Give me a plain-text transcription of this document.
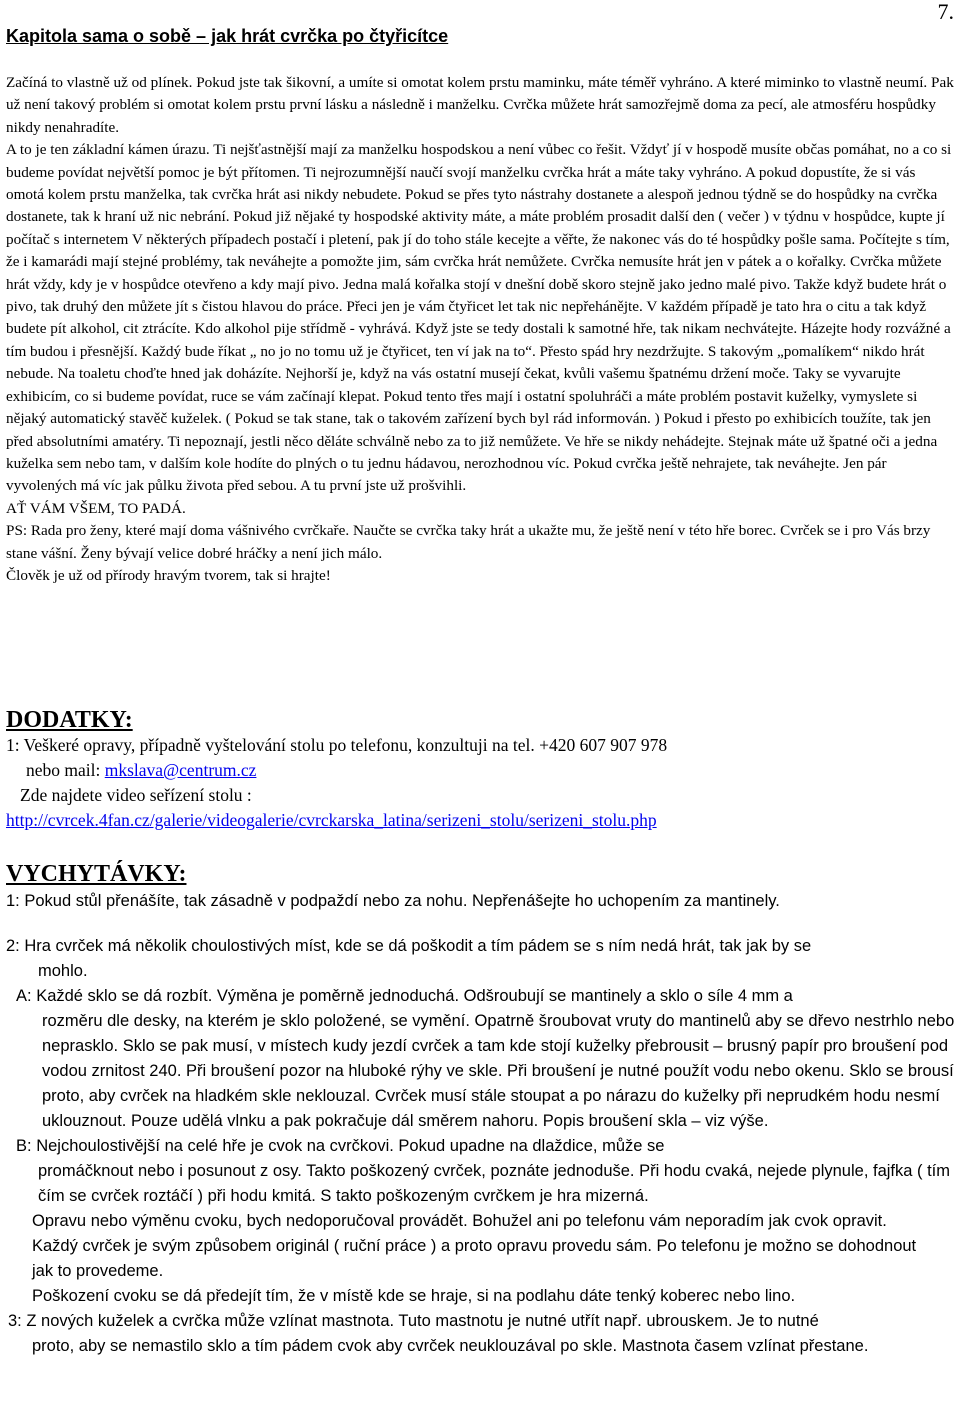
7.
Kapitola sama o sobě – jak hrát cvrčka po čtyřicítce

Začíná to vlastně už od plínek. Pokud jste tak šikovní, a umíte si omotat kolem prstu maminku, máte téměř vyhráno. A které miminko to vlastně neumí. Pak už není takový problém si omotat kolem prstu první lásku a následně i manželku. Cvrčka můžete hrát samozřejmě doma za pecí, ale atmosféru hospůdky nikdy nenahradíte.

A to je ten základní kámen úrazu. Ti nejšťastnější mají za manželku hospodskou a není vůbec co řešit. Vždyť jí v hospodě musíte občas pomáhat, no a co si budeme povídat největší pomoc je být přítomen. Ti nejrozumnější naučí svojí manželku cvrčka hrát a máte taky vyhráno. A pokud dopustíte, že si vás omotá kolem prstu manželka, tak cvrčka hrát asi nikdy nebudete. Pokud se přes tyto nástrahy dostanete a alespoň jednou týdně se do hospůdky na cvrčka dostanete, tak k hraní už nic nebrání. Pokud již nějaké ty hospodské aktivity máte, a máte problém prosadit další den ( večer ) v týdnu v hospůdce, kupte jí počítač s internetem V některých případech postačí i pletení, pak jí do toho stále kecejte a věřte, že nakonec vás do té hospůdky pošle sama. Počítejte s tím, že i kamarádi mají stejné problémy, tak neváhejte a pomožte jim, sám cvrčka hrát nemůžete. Cvrčka nemusíte hrát jen v pátek a o kořalky. Cvrčka můžete hrát vždy, kdy je v hospůdce otevřeno a kdy mají pivo. Jedna malá kořalka stojí v dnešní době skoro stejně jako jedno malé pivo. Takže když budete hrát o pivo, tak druhý den můžete jít s čistou hlavou do práce. Přeci jen je vám čtyřicet let tak nic nepřehánějte. V každém případě je tato hra o citu a tak když budete pít alkohol, cit ztrácíte. Kdo alkohol pije střídmě - vyhrává. Když jste se tedy dostali k samotné hře, tak nikam nechvátejte. Házejte hody rozvážné a tím budou i přesnější. Každý bude říkat „ no jo no tomu už je čtyřicet, ten ví jak na to“. Přesto spád hry nezdržujte. S takovým „pomalíkem“ nikdo hrát nebude. Na toaletu choďte hned jak doházíte. Nejhorší je, když na vás ostatní musejí čekat, kvůli vašemu špatnému držení moče. Taky se vyvarujte exhibicím, co si budeme povídat, ruce se vám začínají klepat. Pokud tento třes mají i ostatní spoluhráči a máte problém postavit kuželky, vymyslete si nějaký automatický stavěč kuželek. ( Pokud se tak stane, tak o takovém zařízení bych byl rád informován. ) Pokud i přesto po exhibicích toužíte, tak jen před absolutními amatéry. Ti nepoznají, jestli něco děláte schválně nebo za to již nemůžete. Ve hře se nikdy nehádejte. Stejnak máte už špatné oči a jedna kuželka sem nebo tam, v dalším kole hodíte do plných o tu jednu hádavou, nerozhodnou víc. Pokud cvrčka ještě nehrajete, tak neváhejte. Jen pár vyvolených má víc jak půlku života před sebou. A tu první jste už prošvihli.

AŤ VÁM VŠEM, TO PADÁ.

PS: Rada pro ženy, které mají doma vášnivého cvrčkaře. Naučte se cvrčka taky hrát a ukažte mu, že ještě není v této hře borec. Cvrček se i pro Vás brzy stane vášní. Ženy bývají velice dobré hráčky a není jich málo.

Člověk je už od přírody hravým tvorem, tak si hrajte!

DODATKY:
1: Veškeré opravy, případně vyštelování stolu po telefonu, konzultuji na tel. +420 607 907 978
nebo mail: mkslava@centrum.cz
Zde najdete video seřízení stolu :
http://cvrcek.4fan.cz/galerie/videogalerie/cvrckarska_latina/serizeni_stolu/serizeni_stolu.php
VYCHYTÁVKY:
1: Pokud stůl přenášíte, tak zásadně v podpaždí nebo za nohu. Nepřenášejte ho uchopením za mantinely.
2: Hra cvrček má několik choulostivých míst, kde se dá poškodit a tím pádem se s ním nedá hrát, tak jak by se
mohlo.
A: Každé sklo se dá rozbít. Výměna je poměrně jednoduchá. Odšroubují se mantinely a sklo o síle 4 mm a
rozměru dle desky, na kterém je sklo položené, se vymění. Opatrně šroubovat vruty do mantinelů aby se dřevo nestrhlo nebo neprasklo. Sklo se pak musí, v místech kudy jezdí cvrček a tam kde stojí kuželky přebrousit – brusný papír pro broušení pod vodou zrnitost 240. Při broušení pozor na hluboké rýhy ve skle. Při broušení je nutné použít vodu nebo okenu. Sklo se brousí proto, aby cvrček na hladkém skle neklouzal. Cvrček musí stále stoupat a po nárazu do kuželky při neprudkém hodu nesmí uklouznout. Pouze udělá vlnku a pak pokračuje dál směrem nahoru. Popis broušení skla – viz výše.
B: Nejchoulostivější na celé hře je cvok na cvrčkovi. Pokud upadne na dlaždice, může se
promáčknout nebo i posunout z osy. Takto poškozený cvrček, poznáte jednoduše. Při hodu cvaká, nejede plynule, fajfka ( tím čím se cvrček roztáčí ) při hodu kmitá. S takto poškozeným cvrčkem je hra mizerná.
Opravu nebo výměnu cvoku, bych nedoporučoval provádět. Bohužel ani po telefonu vám neporadím jak cvok opravit. Každý cvrček je svým způsobem originál ( ruční práce ) a proto opravu provedu sám. Po telefonu je možno se dohodnout jak to provedeme.
Poškození cvoku se dá předejít tím, že v místě kde se hraje, si na podlahu dáte tenký koberec nebo lino.
3: Z nových kuželek a cvrčka může vzlínat mastnota. Tuto mastnotu je nutné utřít např. ubrouskem. Je to nutné
proto, aby se nemastilo sklo a tím pádem cvok aby cvrček neuklouzával po skle. Mastnota časem vzlínat přestane.
